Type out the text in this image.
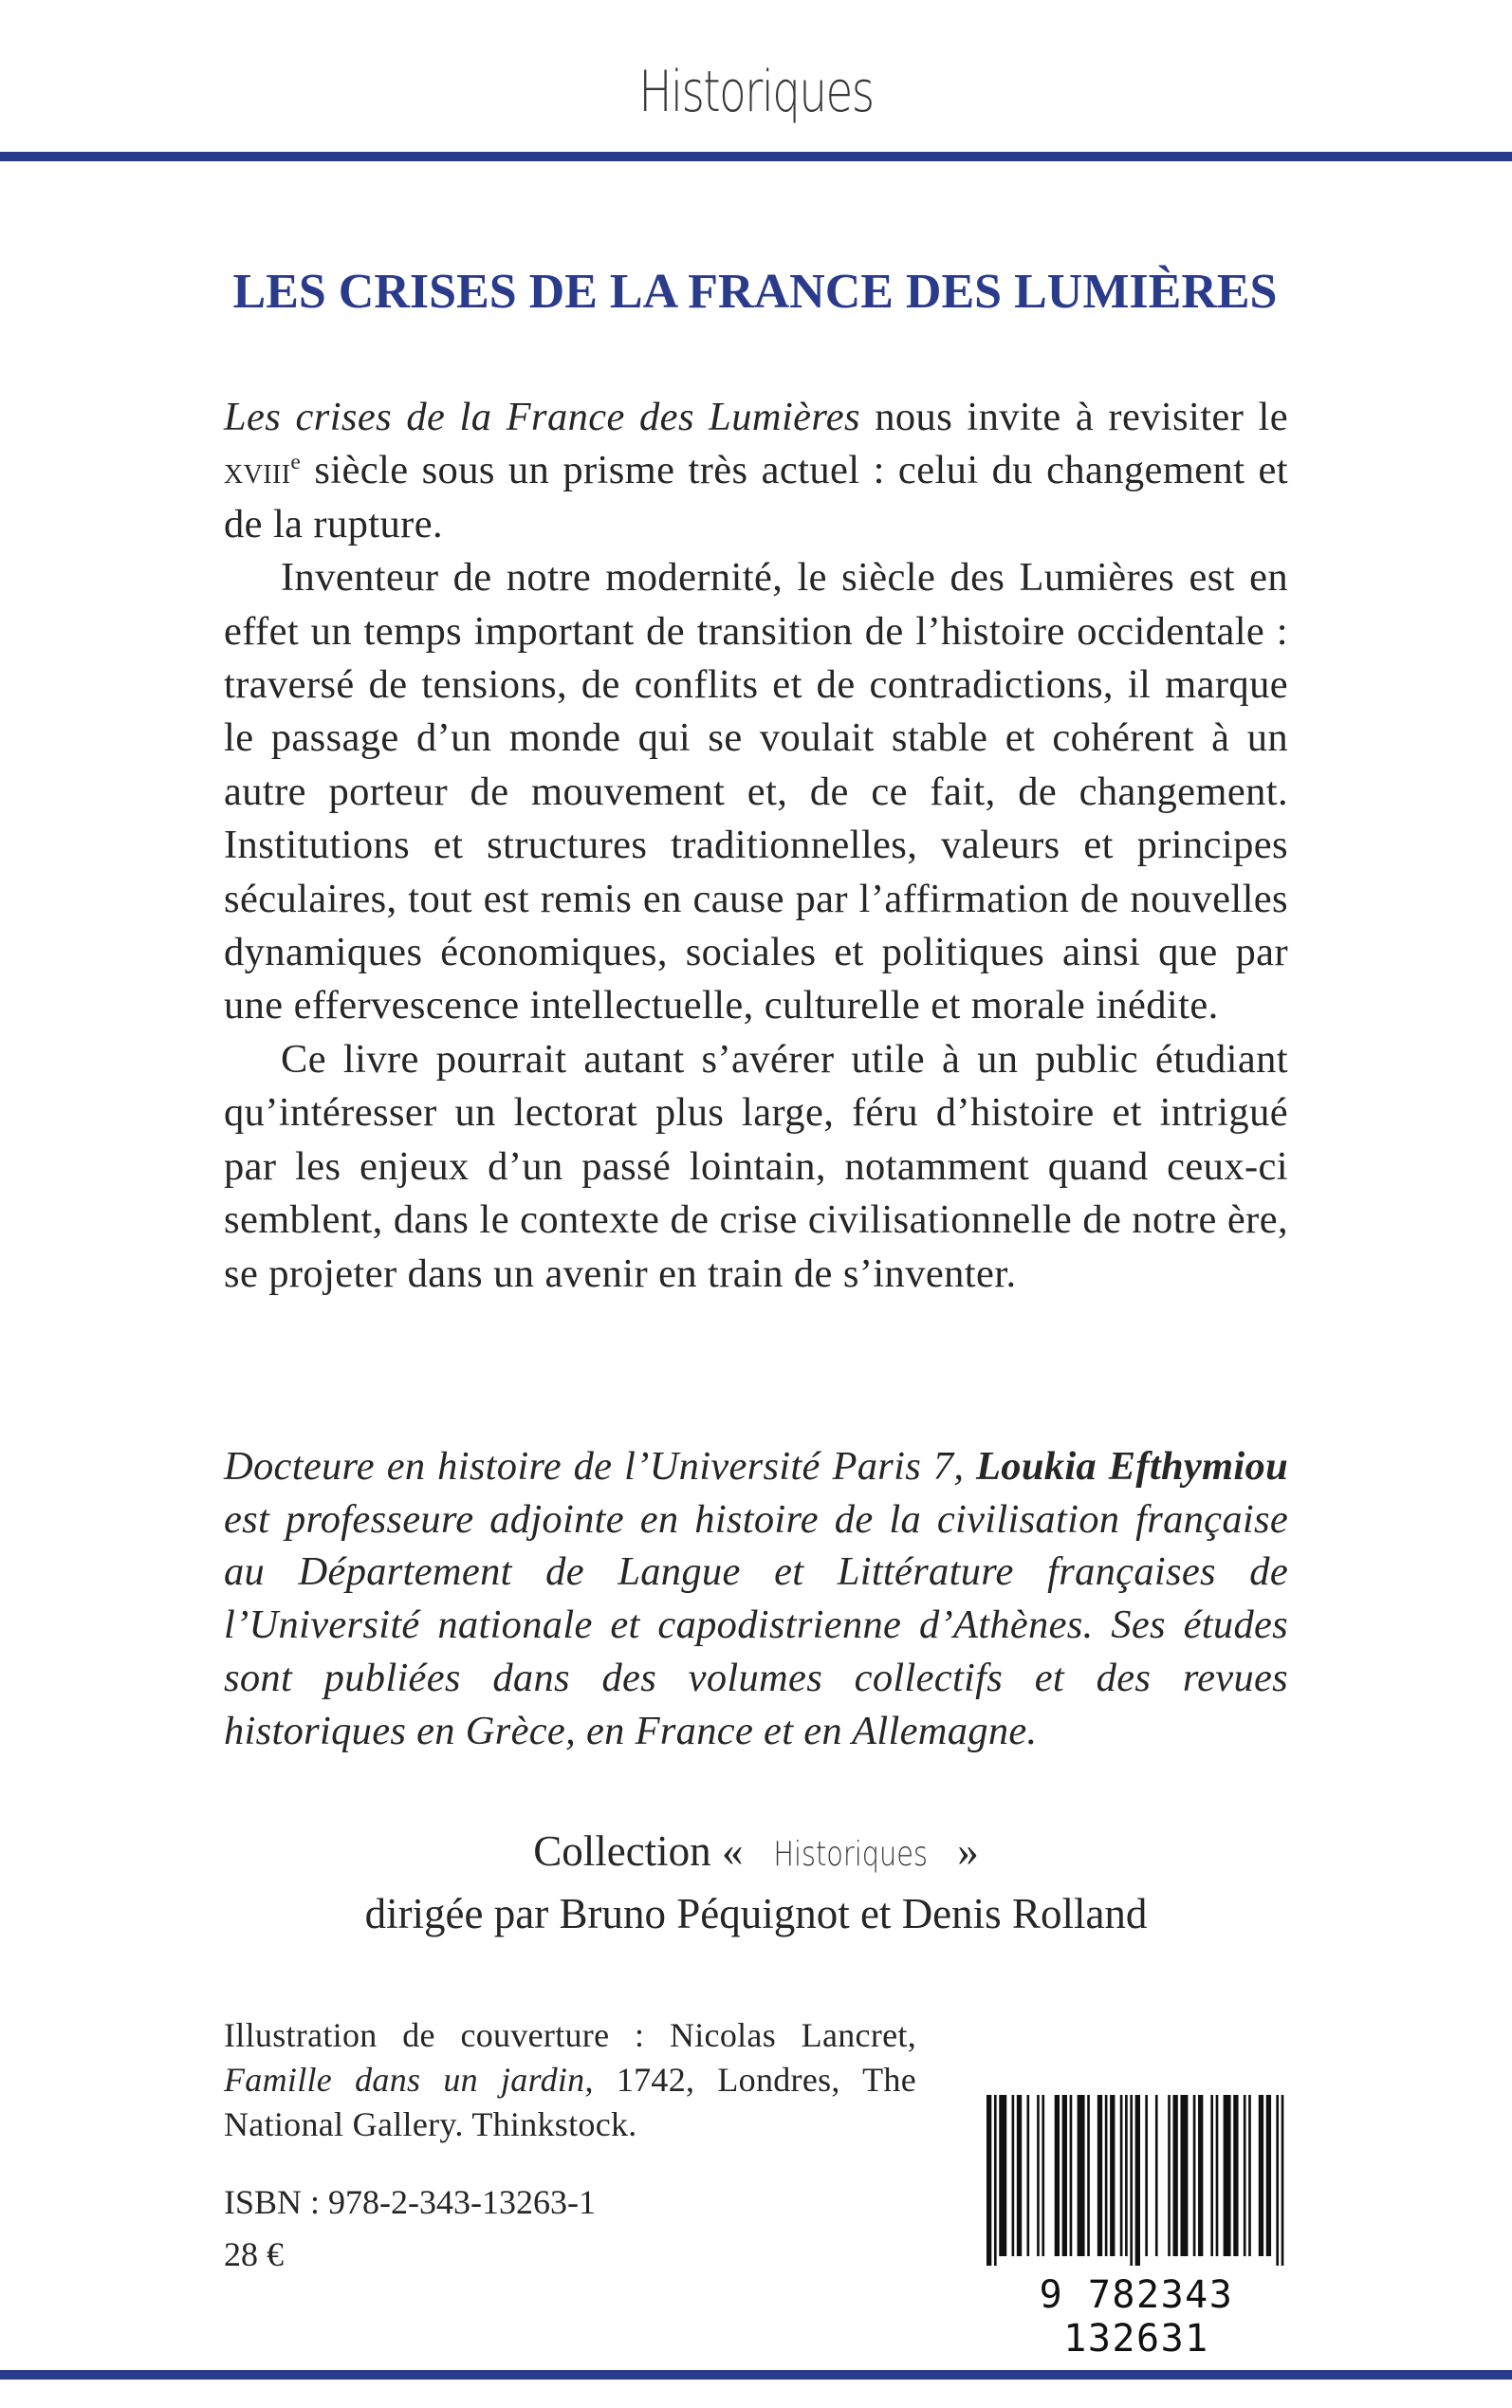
Historiques
LES CRISES DE LA FRANCE DES LUMIÈRES

Les crises de la France des Lumières nous invite à revisiter le xviii$^e$ siècle sous un prisme très actuel : celui du changement et de la rupture.

Inventeur de notre modernité, le siècle des Lumières est en effet un temps important de transition de l’histoire occidentale : traversé de tensions, de conflits et de contradictions, il marque le passage d’un monde qui se voulait stable et cohérent à un autre porteur de mouvement et, de ce fait, de changement. Institutions et structures traditionnelles, valeurs et principes séculaires, tout est remis en cause par l’affirmation de nouvelles dynamiques économiques, sociales et politiques ainsi que par une effervescence intellectuelle, culturelle et morale inédite.

Ce livre pourrait autant s’avérer utile à un public étudiant qu’intéresser un lectorat plus large, féru d’histoire et intrigué par les enjeux d’un passé lointain, notamment quand ceux-ci semblent, dans le contexte de crise civilisationnelle de notre ère, se projeter dans un avenir en train de s’inventer.

Docteure en histoire de l’Université Paris 7, Loukia Efthymiou est professeure adjointe en histoire de la civilisation française au Département de Langue et Littérature françaises de l’Université nationale et capodistrienne d’Athènes. Ses études sont publiées dans des volumes collectifs et des revues historiques en Grèce, en France et en Allemagne.
Collection « Historiques »
dirigée par Bruno Péquignot et Denis Rolland

Illustration de couverture : Nicolas Lancret, Famille dans un jardin, 1742, Londres, The National Gallery. Thinkstock.

ISBN : 978-2-343-13263-1
28 €
9 782343 132631
